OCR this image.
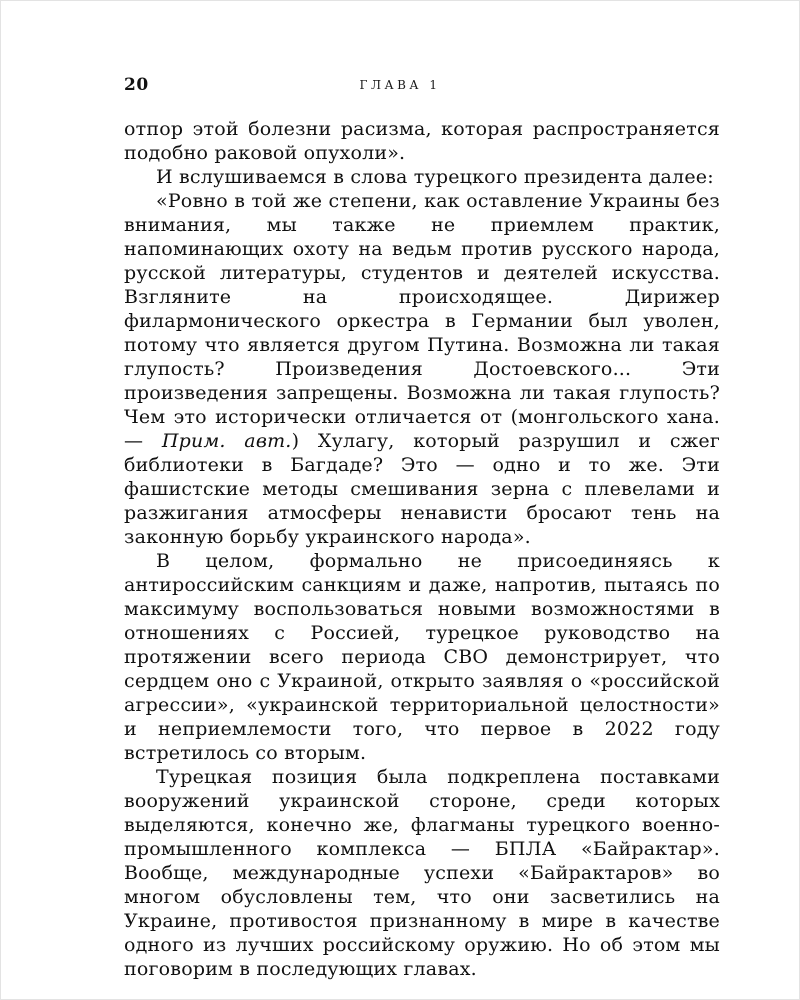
20	ГЛАВА 1

отпор этой болезни расизма, которая распространяется подобно раковой опухоли».

И вслушиваемся в слова турецкого президента далее:

«Ровно в той же степени, как оставление Украины без внимания, мы также не приемлем практик, напоминающих охоту на ведьм против русского народа, русской литературы, студентов и деятелей искусства. Взгляните на происходящее. Дирижер филармонического оркестра в Германии был уволен, потому что является другом Путина. Возможна ли такая глупость? Произведения Достоевского... Эти произведения запрещены. Возможна ли такая глупость? Чем это исторически отличается от (монгольского хана. — Прим. авт.) Хулагу, который разрушил и сжег библиотеки в Багдаде? Это — одно и то же. Эти фашистские методы смешивания зерна с плевелами и разжигания атмосферы ненависти бросают тень на законную борьбу украинского народа».

В целом, формально не присоединяясь к антироссийским санкциям и даже, напротив, пытаясь по максимуму воспользоваться новыми возможностями в отношениях с Россией, турецкое руководство на протяжении всего периода СВО демонстрирует, что сердцем оно с Украиной, открыто заявляя о «российской агрессии», «украинской территориальной целостности» и неприемлемости того, что первое в 2022 году встретилось со вторым.

Турецкая позиция была подкреплена поставками вооружений украинской стороне, среди которых выделяются, конечно же, флагманы турецкого военно-промышленного комплекса — БПЛА «Байрактар». Вообще, международные успехи «Байрактаров» во многом обусловлены тем, что они засветились на Украине, противостоя признанному в мире в качестве одного из лучших российскому оружию. Но об этом мы поговорим в последующих главах.
